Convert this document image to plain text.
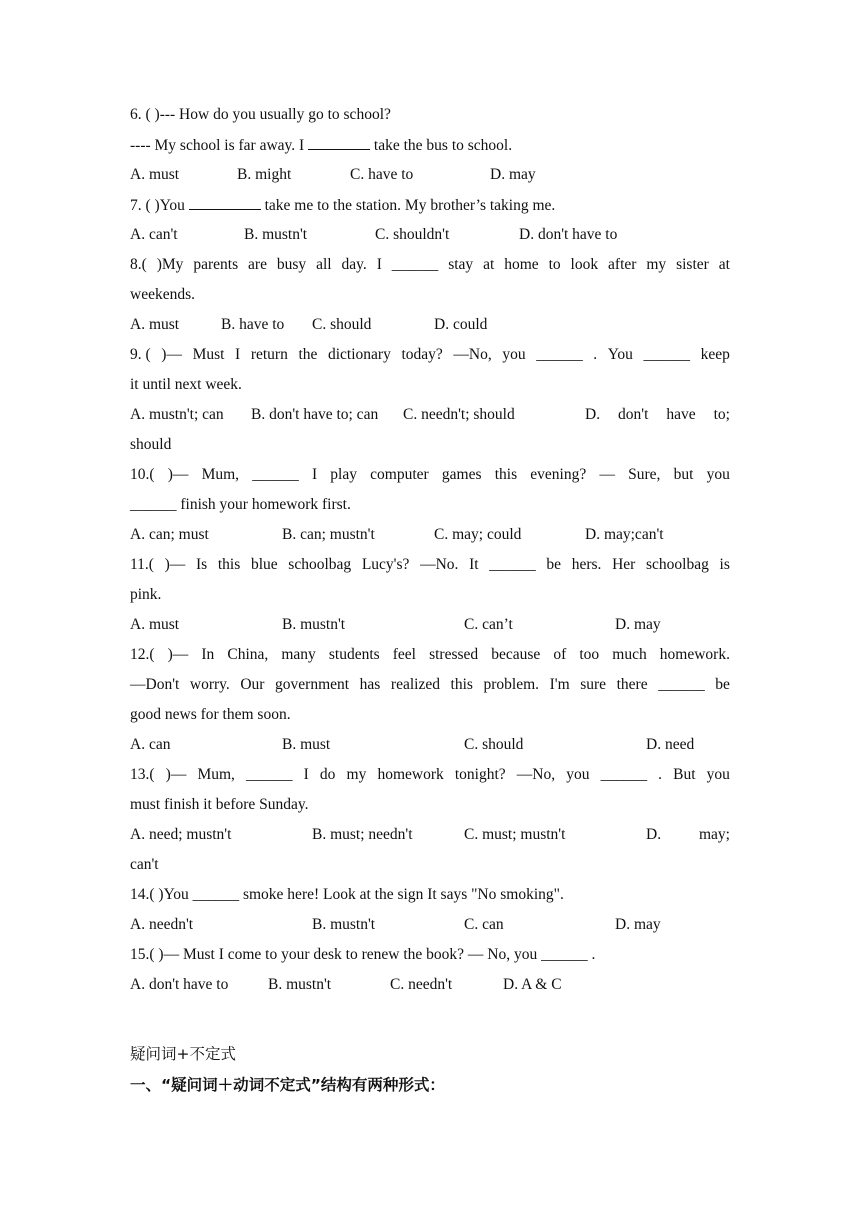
6. ( )--- How do you usually go to school?
---- My school is far away. I	take the bus to school.
A. must	B. might	C. have to	D. may
7. ( )You	take me to the station. My brother’s taking me.
A. can't	B. mustn't	C. shouldn't	D. don't have to
8.( )My parents are busy all day. I ______ stay at home to look after my sister at
weekends.
A. must	B. have to C. should	D. could
9. ( )— Must I return the dictionary today? —No, you ______ . You ______ keep
it until next week.
A. mustn't; can B. don't have to; can C. needn't; should	D. don't have to;
should
10.( )— Mum, ______ I play computer games this evening? — Sure, but you
______ finish your homework first.
A. can; must	B. can; mustn't	C. may; could	D. may;can't
11.( )— Is this blue schoolbag Lucy's? —No. It ______ be hers. Her schoolbag is
pink.
A. must	B. mustn't	C. can’t	D. may
12.( )— In China, many students feel stressed because of too much homework.
—Don't worry. Our government has realized this problem. I'm sure there ______ be
good news for them soon.
A. can	B. must	C. should	D. need
13.( )— Mum, ______ I do my homework tonight? —No, you ______ . But you
must finish it before Sunday.
A. need; mustn't	B. must; needn't	C. must; mustn't	D. may;
can't
14.( )You ______ smoke here! Look at the sign It says "No smoking".
A. needn't	B. mustn't	C. can	D. may
15.( )— Must I come to your desk to renew the book? — No, you ______ .
A. don't have to	B. mustn't	C. needn't	D. A & C
疑问词+不定式
一、“疑问词＋动词不定式”结构有两种形式：
